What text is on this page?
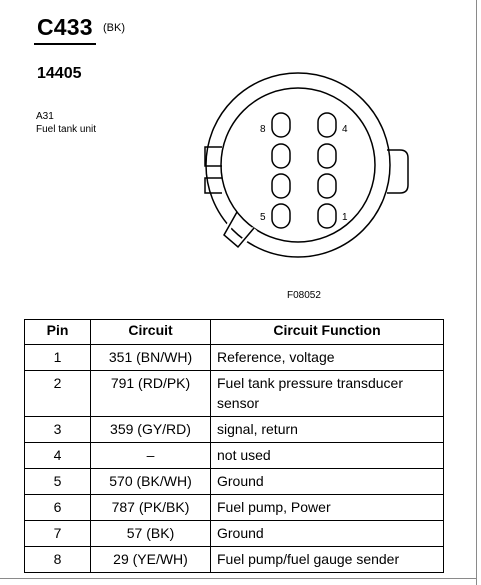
C433 (BK)
14405
A31
Fuel tank unit	8	4
5	1
F08052
Pin	Circuit	Circuit Function
1	351 (BN/WH)	Reference, voltage
2	791 (RD/PK)	Fuel tank pressure transducer sensor
3	359 (GY/RD)	signal, return
4	–	not used
5	570 (BK/WH)	Ground
6	787 (PK/BK)	Fuel pump, Power
7	57 (BK)	Ground
8	29 (YE/WH)	Fuel pump/fuel gauge sender
